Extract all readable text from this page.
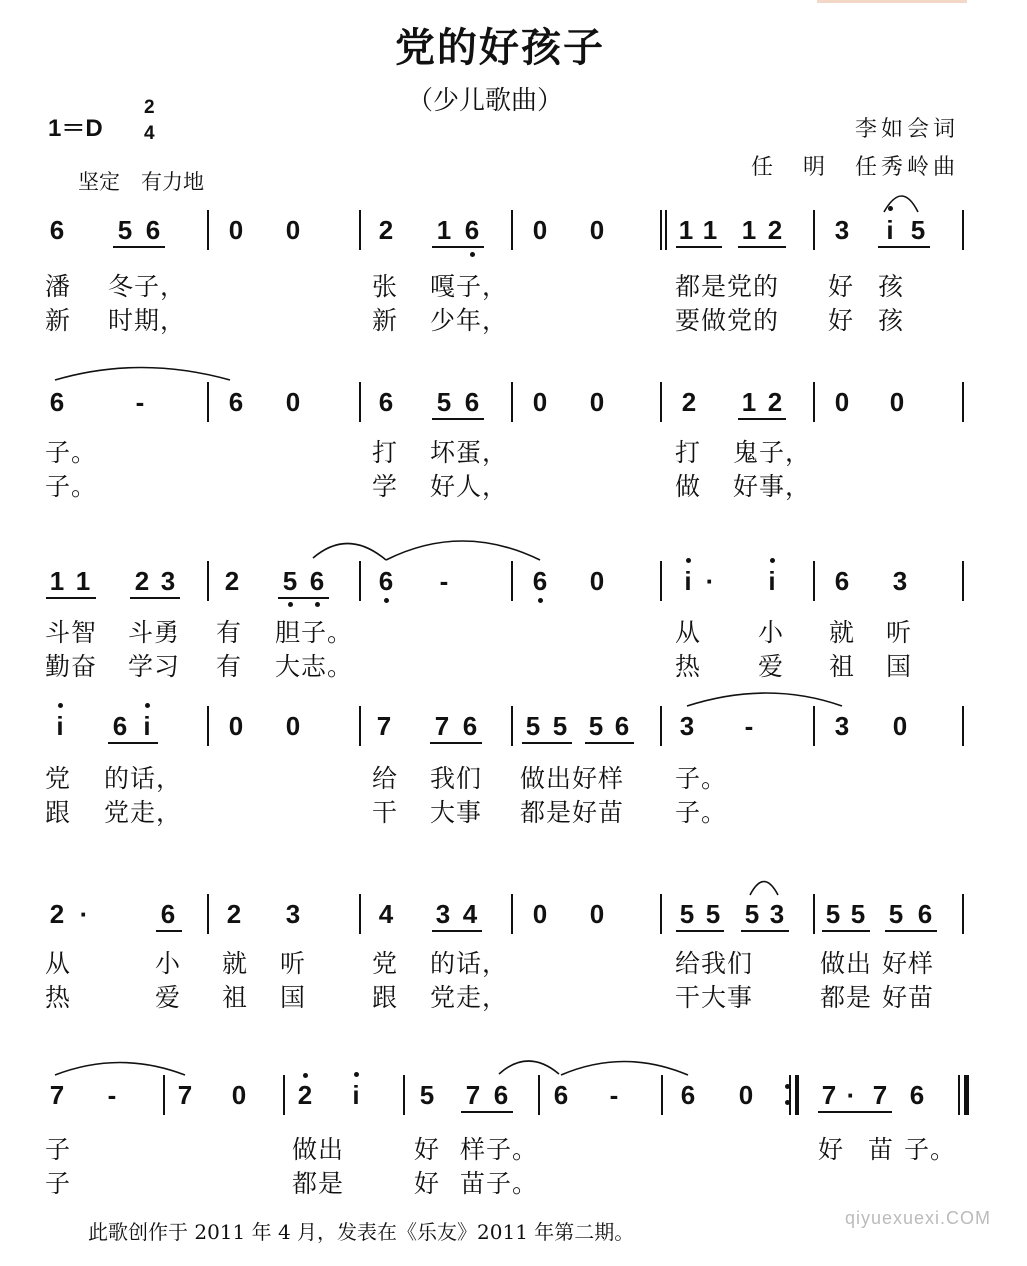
党的好孩子
（少儿歌曲）
1＝D
2
4
坚定　有力地
李如会词
任　明　任秀岭曲
6 5 6	0 0	2 1 6 0 0	1 1 1 2 3 i 5
潘 冬子，	张 嘎子，	都是党的 好 孩
新 时期，	新 少年，	要做党的 好 孩
6	-	6 0	6 5 6 0 0	2 1 2 0 0
子。	打 坏蛋，	打 鬼子，
子。	学 好人，	做 好事，
1 1 2 3 2 5 6 6 -	6 0	i · i 6 3
斗智 斗勇 有 胆子。	从 小 就 听
勤奋 学习 有 大志。	热 爱 祖 国
i 6 i	0 0	7 7 6 5 5 5 6 3 -	3 0
党 的话，	给 我们 做出好样 子。
跟 党走，	干 大事 都是好苗 子。
2 ·	6 2 3	4 3 4 0 0	5 5 5 3 5 5 5 6
从	小 就 听	党 的话，	给我们	做出 好样
热	爱 祖 国	跟 党走，	干大事	都是 好苗
7 - 7 0 2 i 5 7 6 6 - 6 0	7 · 7 6
子	做出	好 样子。	好 苗 子。
子	都是	好 苗子。
此歌创作于 2011 年 4 月，发表在《乐友》2011 年第二期。
qiyuexuexi.COM
